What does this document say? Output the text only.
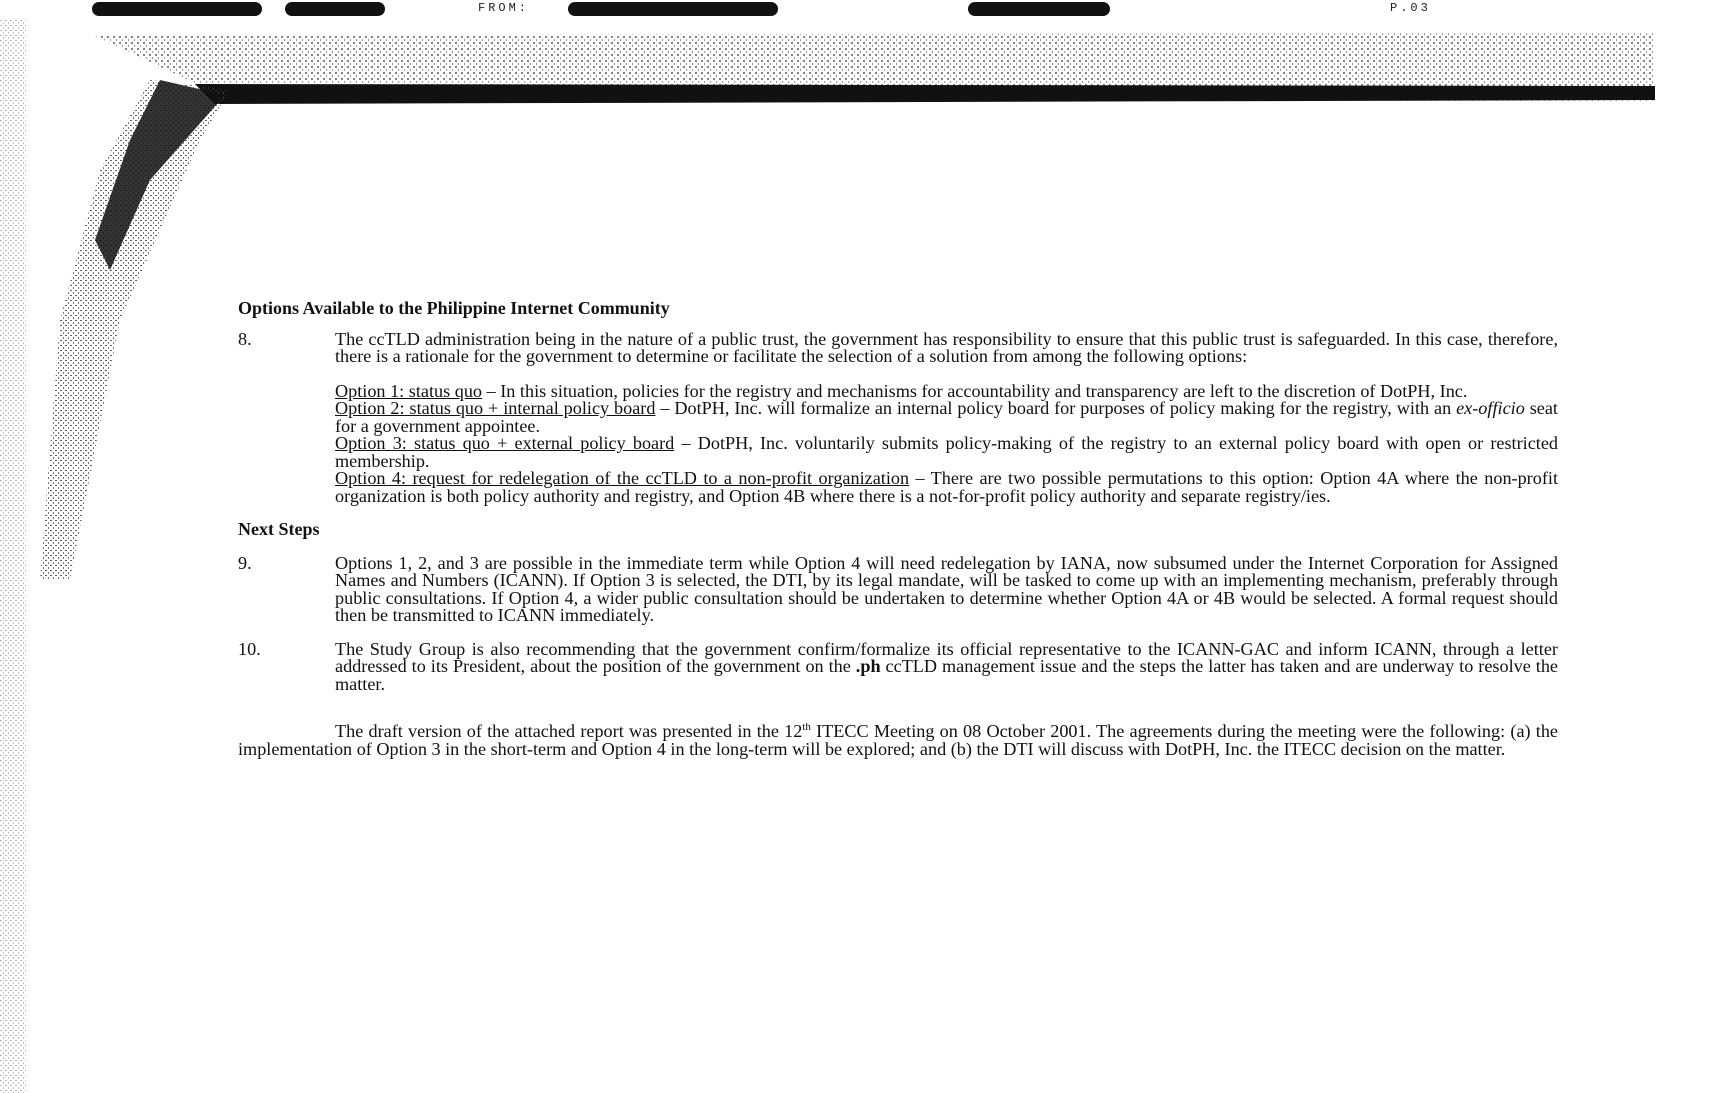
FROM:	P.03

Options Available to the Philippine Internet Community

8.	The ccTLD administration being in the nature of a public trust, the government has responsibility to ensure that this public trust is safeguarded. In this case, therefore, there is a rationale for the government to determine or facilitate the selection of a solution from among the following options:

Option 1: status quo – In this situation, policies for the registry and mechanisms for accountability and transparency are left to the discretion of DotPH, Inc.

Option 2: status quo + internal policy board – DotPH, Inc. will formalize an internal policy board for purposes of policy making for the registry, with an ex-officio seat for a government appointee.

Option 3: status quo + external policy board – DotPH, Inc. voluntarily submits policy-making of the registry to an external policy board with open or restricted membership.

Option 4: request for redelegation of the ccTLD to a non-profit organization – There are two possible permutations to this option: Option 4A where the non-profit organization is both policy authority and registry, and Option 4B where there is a not-for-profit policy authority and separate registry/ies.

Next Steps

9.	Options 1, 2, and 3 are possible in the immediate term while Option 4 will need redelegation by IANA, now subsumed under the Internet Corporation for Assigned Names and Numbers (ICANN). If Option 3 is selected, the DTI, by its legal mandate, will be tasked to come up with an implementing mechanism, preferably through public consultations. If Option 4, a wider public consultation should be undertaken to determine whether Option 4A or 4B would be selected. A formal request should then be transmitted to ICANN immediately.

10.	The Study Group is also recommending that the government confirm/formalize its official representative to the ICANN-GAC and inform ICANN, through a letter addressed to its President, about the position of the government on the .ph ccTLD management issue and the steps the latter has taken and are underway to resolve the matter.

The draft version of the attached report was presented in the 12th ITECC Meeting on 08 October 2001. The agreements during the meeting were the following: (a) the implementation of Option 3 in the short-term and Option 4 in the long-term will be explored; and (b) the DTI will discuss with DotPH, Inc. the ITECC decision on the matter.
